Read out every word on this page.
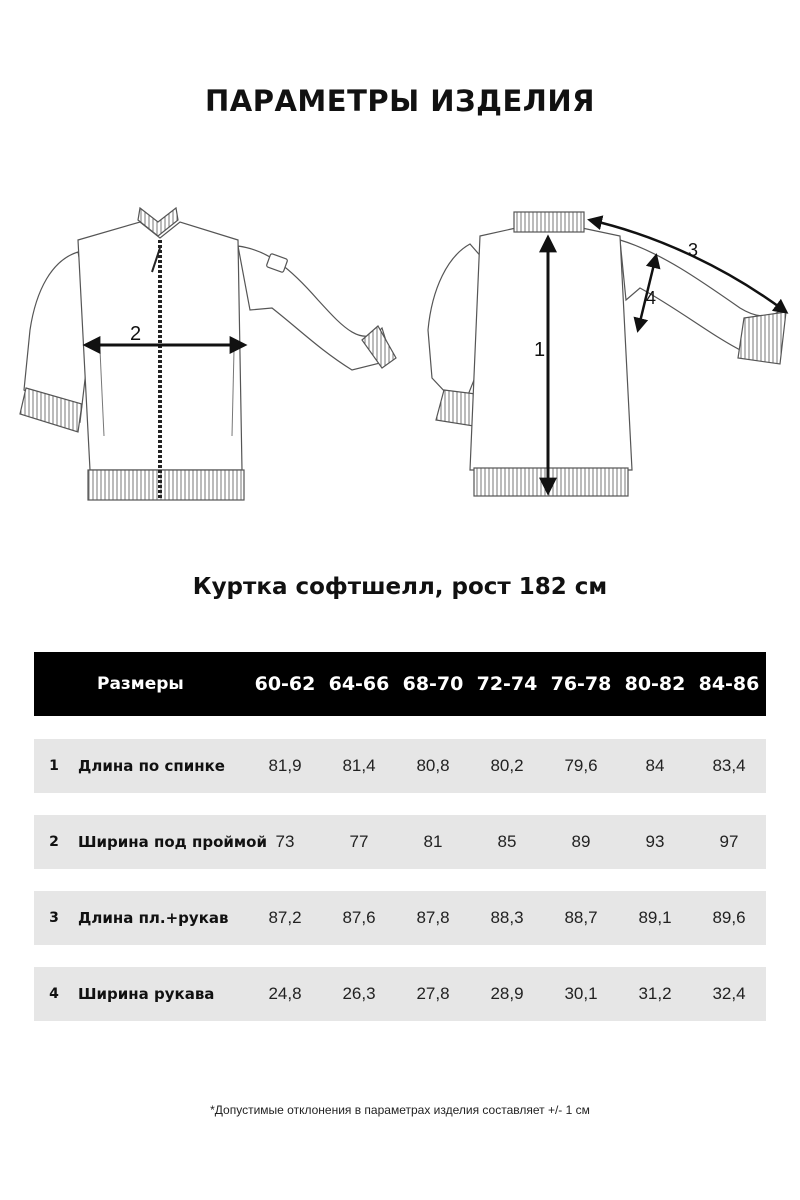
ПАРАМЕТРЫ ИЗДЕЛИЯ
2
1
3
4
Куртка софтшелл, рост 182 см
Размеры	60-62 64-66 68-70 72-74 76-78 80-82 84-86
1 Длина по спинке	81,9	81,4	80,8	80,2	79,6	84	83,4
2 Ширина под проймой 73	77	81	85	89	93	97
3 Длина пл.+рукав	87,2	87,6	87,8	88,3	88,7	89,1	89,6
4 Ширина рукава	24,8	26,3	27,8	28,9	30,1	31,2	32,4
*Допустимые отклонения в параметрах изделия составляет +/- 1 см
